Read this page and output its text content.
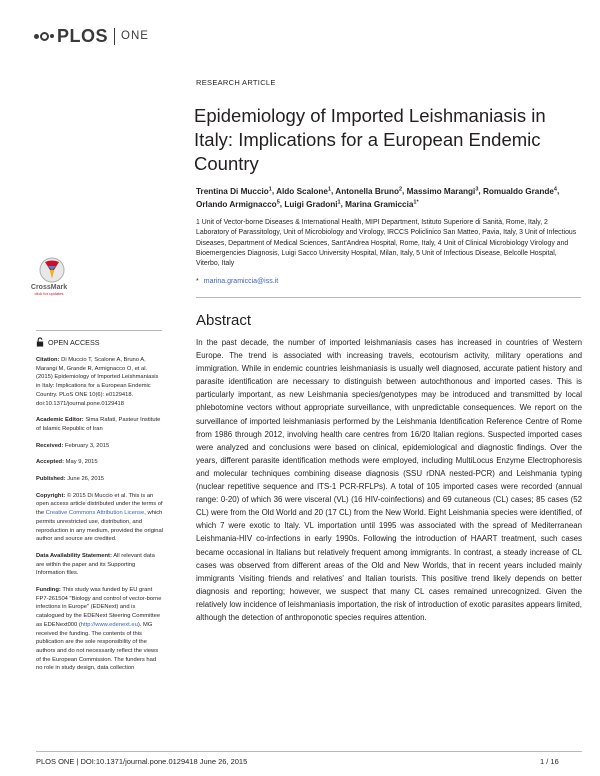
PLOS ONE
RESEARCH ARTICLE
Epidemiology of Imported Leishmaniasis in Italy: Implications for a European Endemic Country
Trentina Di Muccio$^1$, Aldo Scalone$^1$, Antonella Bruno$^2$, Massimo Marangi$^3$, Romualdo Grande$^4$, Orlando Armignacco$^5$, Luigi Gradoni$^1$, Marina Gramiccia$^{1*}$
1 Unit of Vector-borne Diseases & International Health, MIPI Department, Istituto Superiore di Sanità, Rome, Italy, 2 Laboratory of Parassitology, Unit of Microbiology and Virology, IRCCS Policlinico San Matteo, Pavia, Italy, 3 Unit of Infectious Diseases, Department of Medical Sciences, Sant'Andrea Hospital, Rome, Italy, 4 Unit of Clinical Microbiology Virology and Bioemergencies Diagnosis, Luigi Sacco University Hospital, Milan, Italy, 5 Unit of Infectious Disease, Belcolle Hospital, Viterbo, Italy
* marina.gramiccia@iss.it
CrossMark
click for updates
Abstract
In the past decade, the number of imported leishmaniasis cases has increased in countries of Western Europe. The trend is associated with increasing travels, ecotourism activity, military operations and immigration. While in endemic countries leishmaniasis is usually well diagnosed, accurate patient history and parasite identification are necessary to distinguish between autochthonous and imported cases. This is particularly important, as new Leishmania species/genotypes may be introduced and transmitted by local phlebotomine vectors without appropriate surveillance, with unpredictable consequences. We report on the surveillance of imported leishmaniasis performed by the Leishmania Identification Reference Centre of Rome from 1986 through 2012, involving health care centres from 16/20 Italian regions. Suspected imported cases were analyzed and conclusions were based on clinical, epidemiological and diagnostic findings. Over the years, different parasite identification methods were employed, including MultiLocus Enzyme Electrophoresis and molecular techniques combining disease diagnosis (SSU rDNA nested-PCR) and Leishmania typing (nuclear repetitive sequence and ITS-1 PCR-RFLPs). A total of 105 imported cases were recorded (annual range: 0-20) of which 36 were visceral (VL) (16 HIV-coinfections) and 69 cutaneous (CL) cases; 85 cases (52 CL) were from the Old World and 20 (17 CL) from the New World. Eight Leishmania species were identified, of which 7 were exotic to Italy. VL importation until 1995 was associated with the spread of Mediterranean Leishmania-HIV co-infections in early 1990s. Following the introduction of HAART treatment, such cases became occasional in Italians but relatively frequent among immigrants. In contrast, a steady increase of CL cases was observed from different areas of the Old and New Worlds, that in recent years included mainly immigrants 'visiting friends and relatives' and Italian tourists. This positive trend likely depends on better diagnosis and reporting; however, we suspect that many CL cases remained unrecognized. Given the relatively low incidence of leishmaniasis importation, the risk of introduction of exotic parasites appears limited, although the detection of anthroponotic species requires attention.
OPEN ACCESS

Citation: Di Muccio T, Scalone A, Bruno A, Marangi M, Grande R, Armignacco O, et al. (2015) Epidemiology of Imported Leishmaniasis in Italy: Implications for a European Endemic Country. PLoS ONE 10(6): e0129418. doi:10.1371/journal.pone.0129418

Academic Editor: Sima Rafati, Pasteur Institute of Islamic Republic of Iran

Received: February 3, 2015

Accepted: May 9, 2015

Published: June 26, 2015

Copyright: © 2015 Di Muccio et al. This is an open access article distributed under the terms of the Creative Commons Attribution License, which permits unrestricted use, distribution, and reproduction in any medium, provided the original author and source are credited.

Data Availability Statement: All relevant data are within the paper and its Supporting Information files.

Funding: This study was funded by EU grant FP7-261504 "Biology and control of vector-borne infections in Europe" (EDENext) and is catalogued by the EDENext Steering Committee as EDENext000 (http://www.edenext.eu). MG received the funding. The contents of this publication are the sole responsibility of the authors and do not necessarily reflect the views of the European Commission. The funders had no role in study design, data collection

PLOS ONE | DOI:10.1371/journal.pone.0129418 June 26, 2015	1 / 16
